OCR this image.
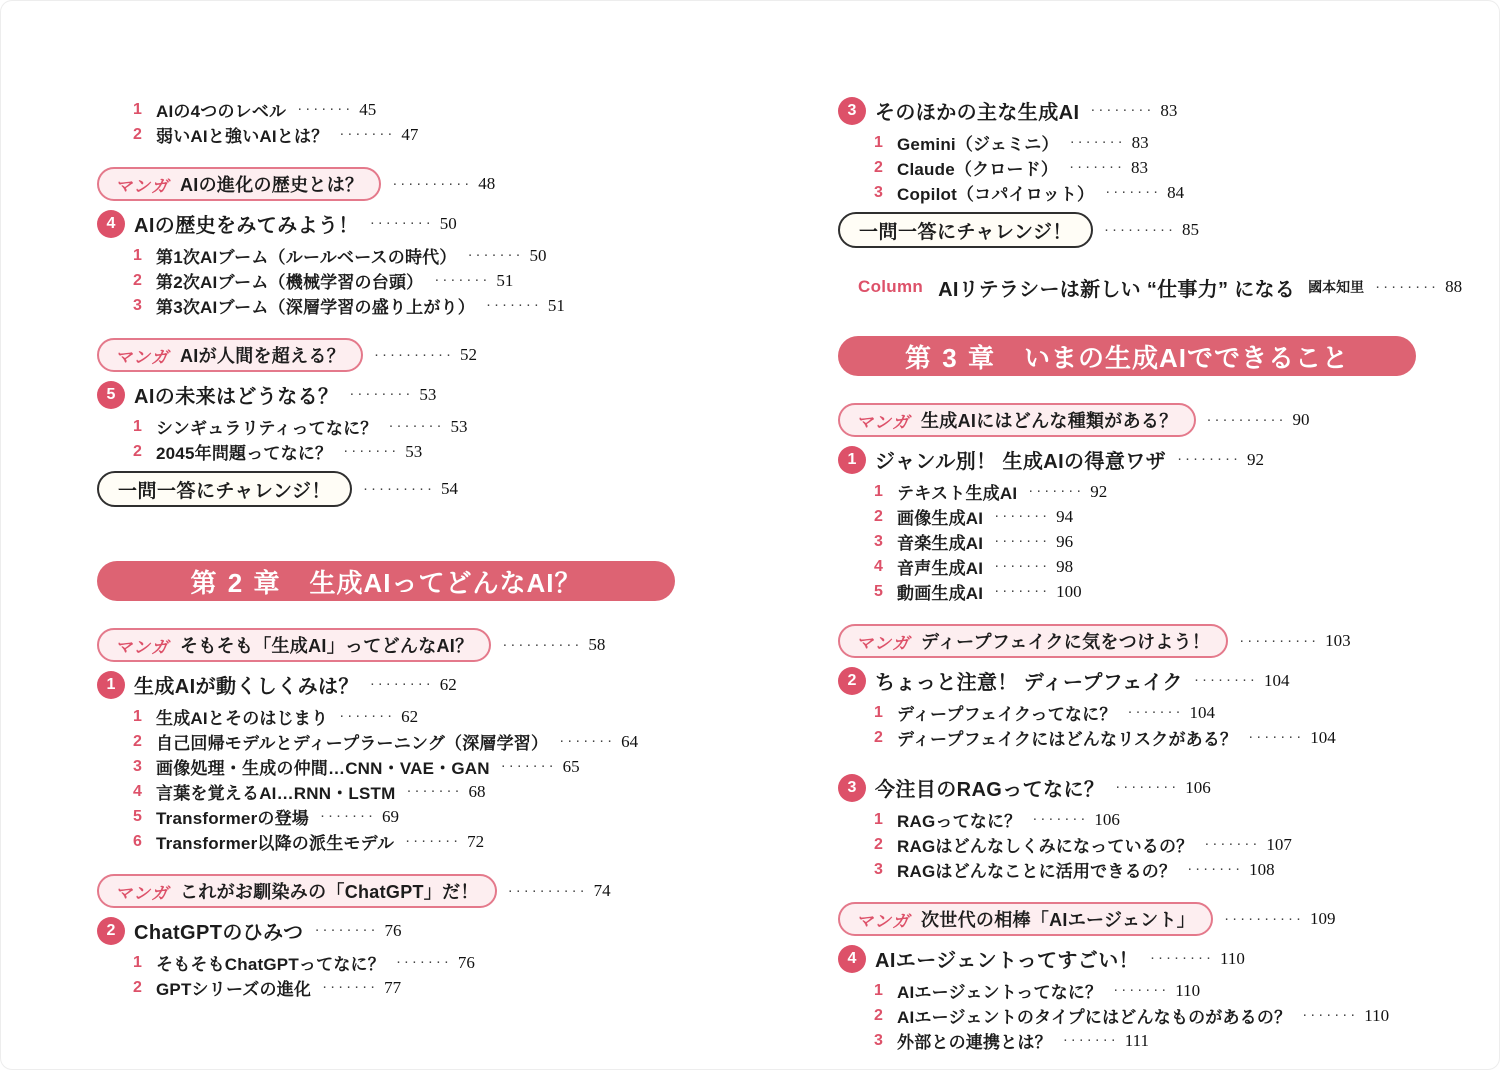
1 AIの4つのレベル ······· 45
2 弱いAIと強いAIとは？ ······· 47
マンガ AIの進化の歴史とは？ ·········· 48
4 AIの歴史をみてみよう！ ········ 50
1 第1次AIブーム（ルールベースの時代） ······· 50
2 第2次AIブーム（機械学習の台頭） ······· 51
3 第3次AIブーム（深層学習の盛り上がり） ······· 51
マンガ AIが人間を超える？ ·········· 52
5 AIの未来はどうなる？ ········ 53
1 シンギュラリティってなに？ ······· 53
2 2045年問題ってなに？ ······· 53
一問一答にチャレンジ！	········· 54
第 2 章 生成AIってどんなAI？
マンガ そもそも「生成AI」ってどんなAI？ ·········· 58
1 生成AIが動くしくみは？ ········ 62
1 生成AIとそのはじまり ······· 62
2 自己回帰モデルとディープラーニング（深層学習） ······· 64
3 画像処理・生成の仲間…CNN・VAE・GAN ······· 65
4 言葉を覚えるAI…RNN・LSTM ······· 68
5 Transformerの登場 ······· 69
6 Transformer以降の派生モデル ······· 72
マンガ これがお馴染みの「ChatGPT」だ！ ·········· 74
2 ChatGPTのひみつ ········ 76
1 そもそもChatGPTってなに？ ······· 76
2 GPTシリーズの進化 ······· 77
3 そのほかの主な生成AI ········ 83
1 Gemini（ジェミニ） ······· 83
2 Claude（クロード） ······· 83
3 Copilot（コパイロット） ······· 84
一問一答にチャレンジ！	········· 85
Column AIリテラシーは新しい “仕事力” になる 國本知里 ········ 88
第 3 章 いまの生成AIでできること
マンガ 生成AIにはどんな種類がある？ ·········· 90
1 ジャンル別！ 生成AIの得意ワザ ········ 92
1 テキスト生成AI ······· 92
2 画像生成AI ······· 94
3 音楽生成AI ······· 96
4 音声生成AI ······· 98
5 動画生成AI ······· 100
マンガ ディープフェイクに気をつけよう！ ·········· 103
2 ちょっと注意！ ディープフェイク ········ 104
1 ディープフェイクってなに？ ······· 104
2 ディープフェイクにはどんなリスクがある？ ······· 104
3 今注目のRAGってなに？ ········ 106
1 RAGってなに？ ······· 106
2 RAGはどんなしくみになっているの？ ······· 107
3 RAGはどんなことに活用できるの？ ······· 108
マンガ 次世代の相棒「AIエージェント」 ·········· 109
4 AIエージェントってすごい！ ········ 110
1 AIエージェントってなに？ ······· 110
2 AIエージェントのタイプにはどんなものがあるの？ ······· 110
3 外部との連携とは？ ······· 111
